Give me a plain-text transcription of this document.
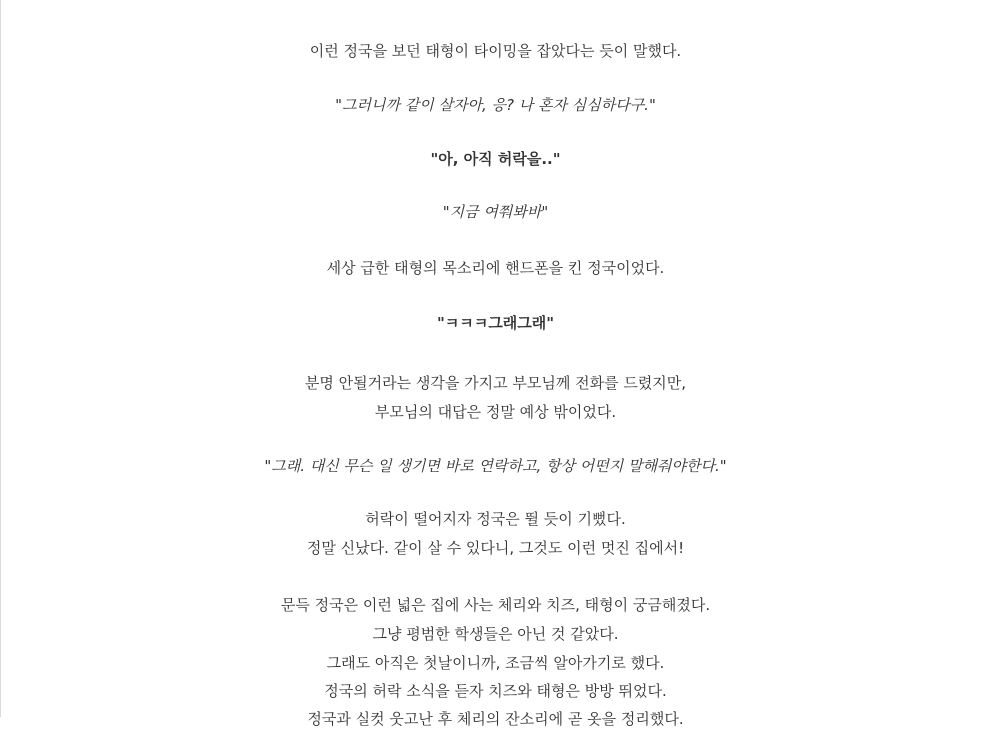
이런 정국을 보던 태형이 타이밍을 잡았다는 듯이 말했다.

"그러니까 같이 살자아, 응? 나 혼자 심심하다구."

"아, 아직 허락을.."

"지금 여쭤봐바"

세상 급한 태형의 목소리에 핸드폰을 킨 정국이었다.

"ㅋㅋㅋ그래그래"

분명 안될거라는 생각을 가지고 부모님께 전화를 드렸지만,

부모님의 대답은 정말 예상 밖이었다.

"그래. 대신 무슨 일 생기면 바로 연락하고, 항상 어떤지 말해줘야한다."

허락이 떨어지자 정국은 뛸 듯이 기뻤다.

정말 신났다. 같이 살 수 있다니, 그것도 이런 멋진 집에서!

문득 정국은 이런 넓은 집에 사는 체리와 치즈, 태형이 궁금해졌다.

그냥 평범한 학생들은 아닌 것 같았다.

그래도 아직은 첫날이니까, 조금씩 알아가기로 했다.

정국의 허락 소식을 듣자 치즈와 태형은 방방 뛰었다.

정국과 실컷 웃고난 후 체리의 잔소리에 곧 옷을 정리했다.
